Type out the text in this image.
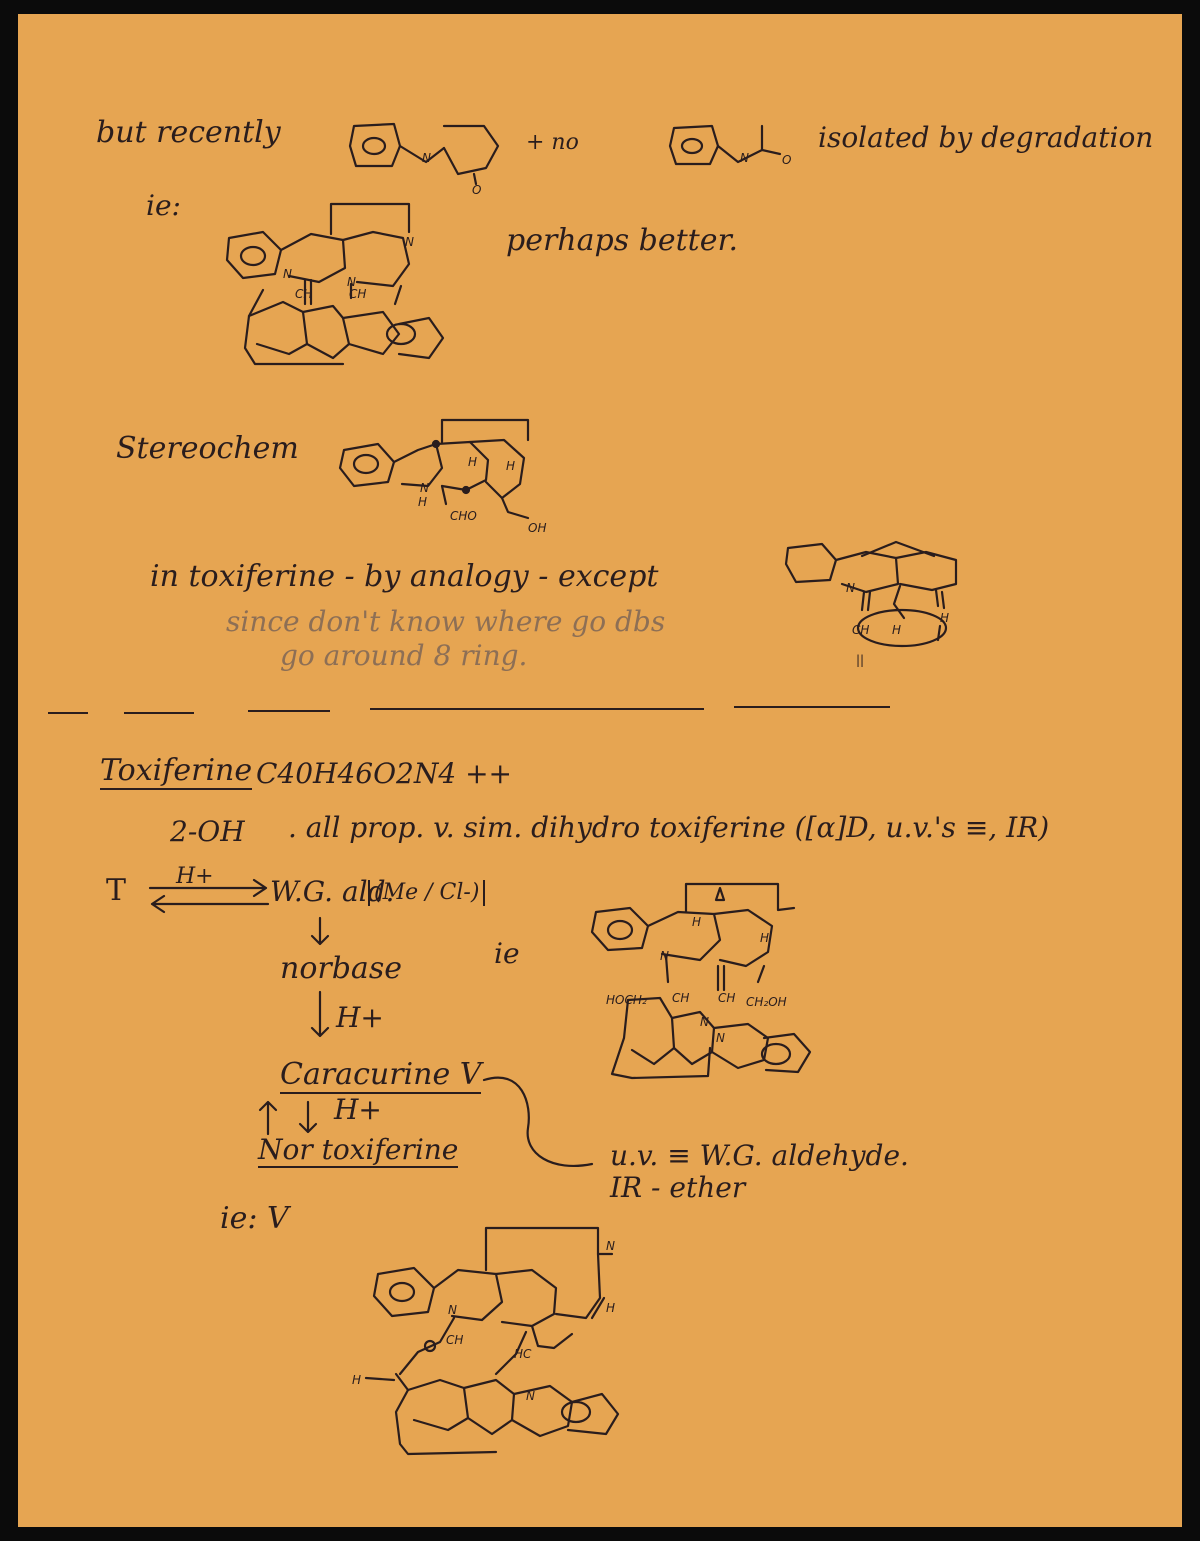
but recently
N
O
+ no
N	O
isolated by degradation
ie:
N
N
N
CH	CH
perhaps better.
Stereochem
N
H
H H
CHO
OH
in toxiferine - by analogy - except	N
H
H
CH
||
since don't know where go dbs
go around 8 ring.
Toxiferine C40H46O2N4 ++
2-OH . all prop. v. sim. dihydro toxiferine ([α]D, u.v.'s ≡, IR)
T H+ W.G. ald.
(Me / Cl-)
norbase
H+
Caracurine V
H+
Nor toxiferine
ie	N
H
H
N
N
HOCH₂ CH CH CH₂OH
u.v. ≡ W.G. aldehyde.
IR - ether
ie: V
N
N	H
CH
HC
N
H
